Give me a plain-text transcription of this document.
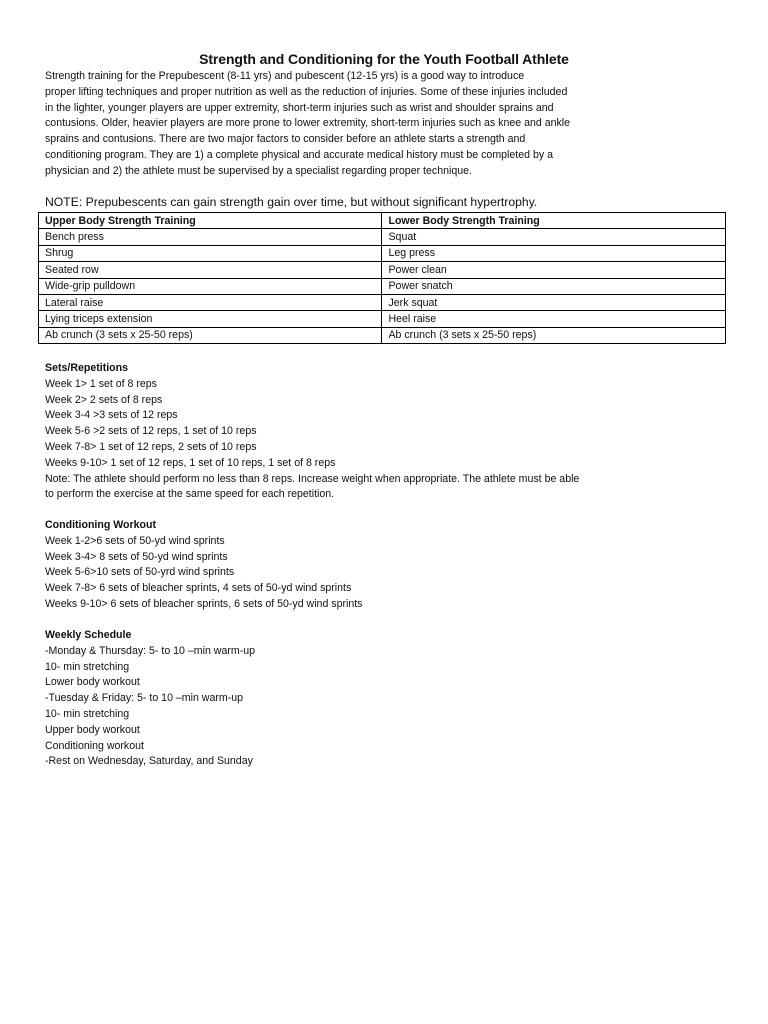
Strength and Conditioning for the Youth Football Athlete
Strength training for the Prepubescent (8-11 yrs) and pubescent (12-15 yrs) is a good way to introduce
proper lifting techniques and proper nutrition as well as the reduction of injuries. Some of these injuries included
in the lighter, younger players are upper extremity, short-term injuries such as wrist and shoulder sprains and
contusions. Older, heavier players are more prone to lower extremity, short-term injuries such as knee and ankle
sprains and contusions. There are two major factors to consider before an athlete starts a strength and
conditioning program. They are 1) a complete physical and accurate medical history must be completed by a
physician and 2) the athlete must be supervised by a specialist regarding proper technique.

NOTE: Prepubescents can gain strength gain over time, but without significant hypertrophy.

Upper Body Strength Training	Lower Body Strength Training
Bench press	Squat
Shrug	Leg press
Seated row	Power clean
Wide-grip pulldown	Power snatch
Lateral raise	Jerk squat
Lying triceps extension	Heel raise
Ab crunch (3 sets x 25-50 reps)	Ab crunch (3 sets x 25-50 reps)
Sets/Repetitions
Week 1> 1 set of 8 reps
Week 2> 2 sets of 8 reps
Week 3-4 >3 sets of 12 reps
Week 5-6 >2 sets of 12 reps, 1 set of 10 reps
Week 7-8> 1 set of 12 reps, 2 sets of 10 reps
Weeks 9-10> 1 set of 12 reps, 1 set of 10 reps, 1 set of 8 reps
Note: The athlete should perform no less than 8 reps. Increase weight when appropriate. The athlete must be able
to perform the exercise at the same speed for each repetition.
Conditioning Workout
Week 1-2>6 sets of 50-yd wind sprints
Week 3-4> 8 sets of 50-yd wind sprints
Week 5-6>10 sets of 50-yrd wind sprints
Week 7-8> 6 sets of bleacher sprints, 4 sets of 50-yd wind sprints
Weeks 9-10> 6 sets of bleacher sprints, 6 sets of 50-yd wind sprints
Weekly Schedule
-Monday & Thursday: 5- to 10 –min warm-up
10- min stretching
Lower body workout
-Tuesday & Friday: 5- to 10 –min warm-up
10- min stretching
Upper body workout
Conditioning workout
-Rest on Wednesday, Saturday, and Sunday
